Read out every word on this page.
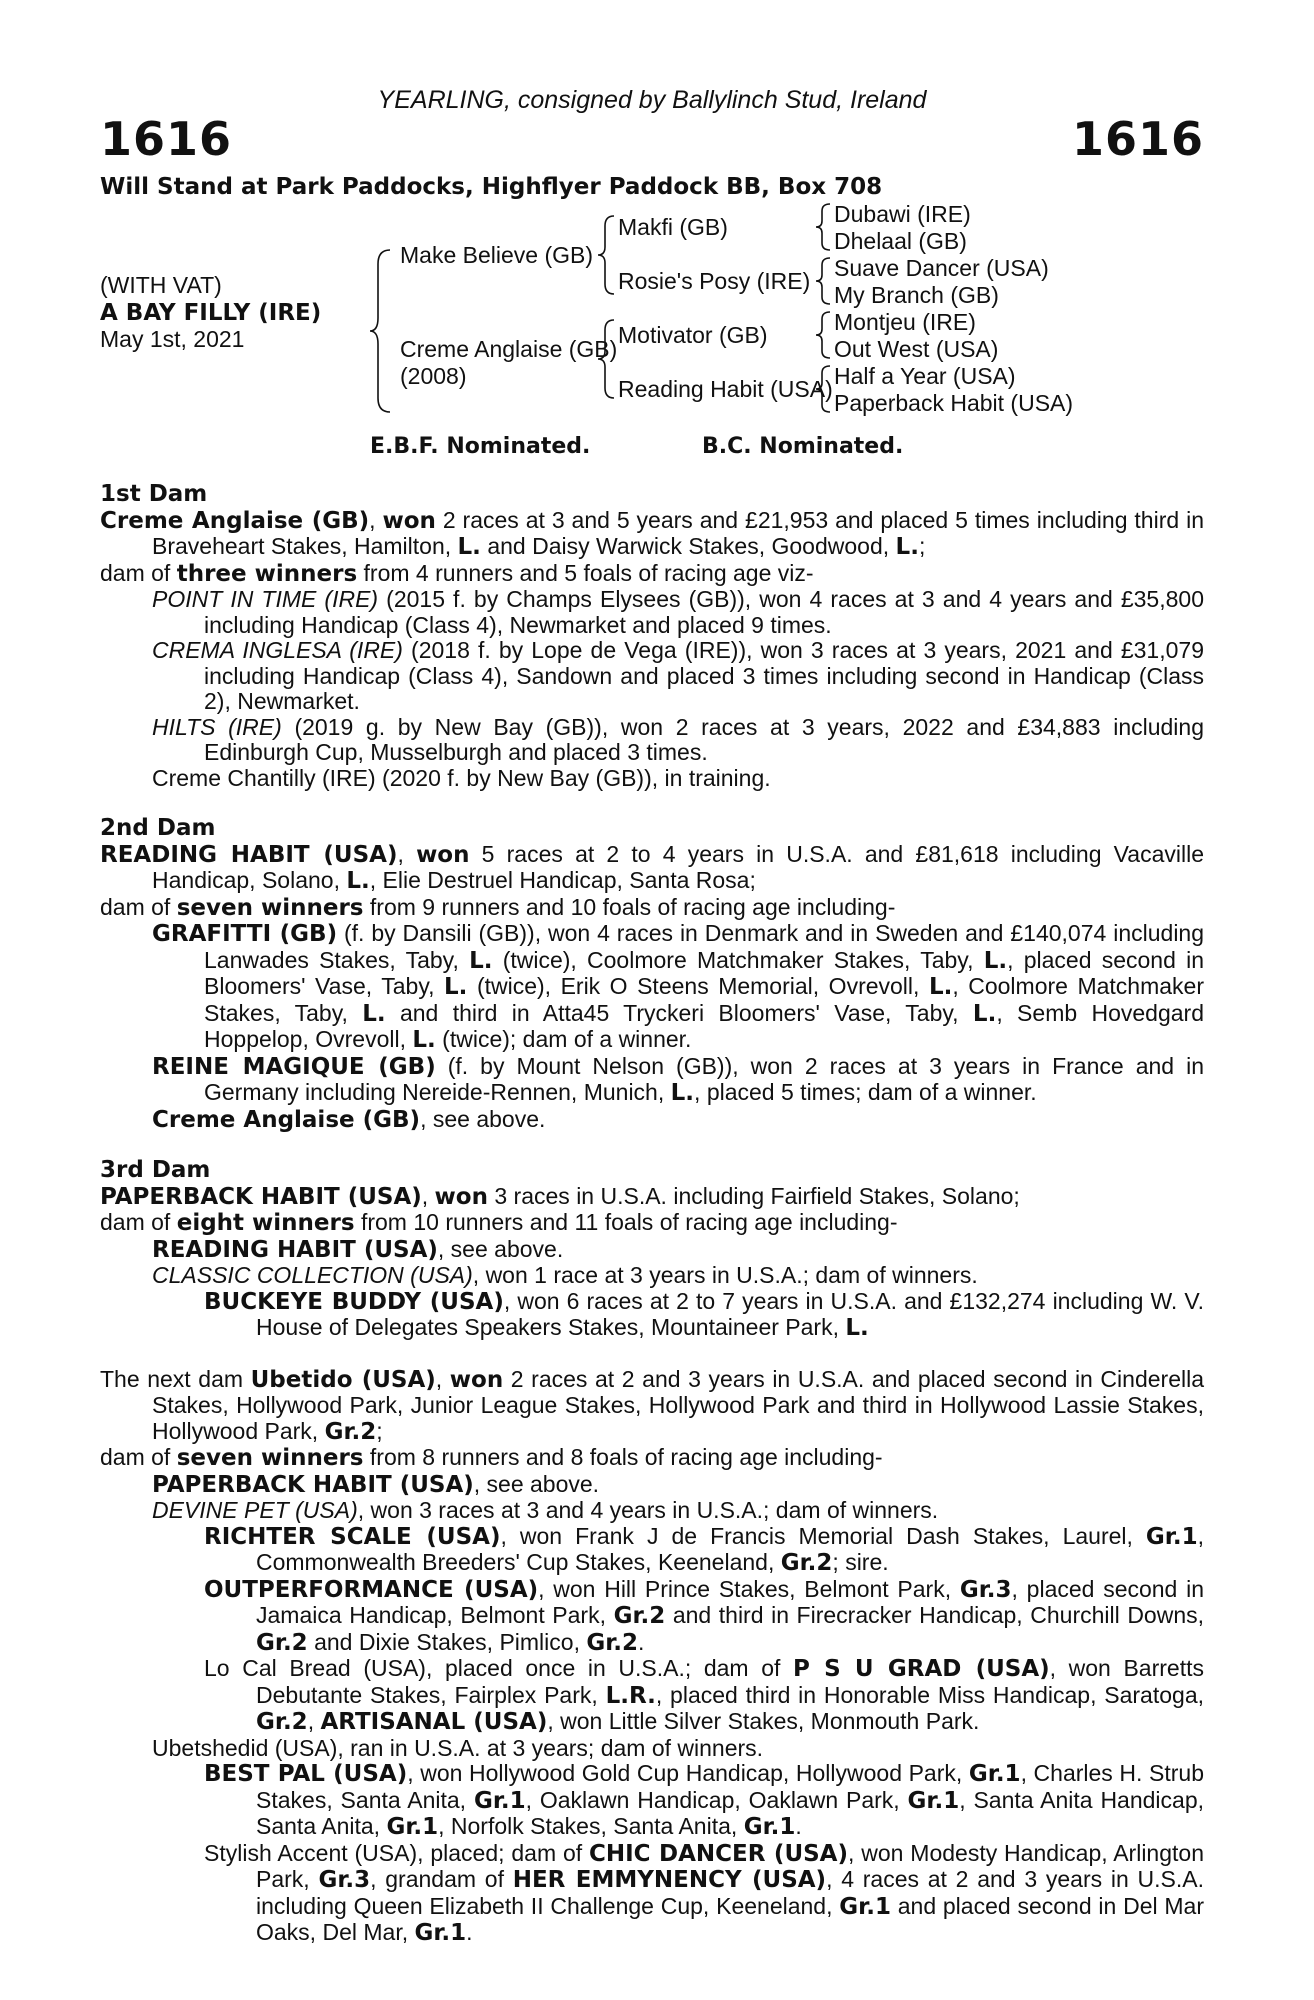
YEARLING, consigned by Ballylinch Stud, Ireland
1616	1616
Will Stand at Park Paddocks, Highflyer Paddock BB, Box 708
(WITH VAT)
A BAY FILLY (IRE)
May 1st, 2021
Make Believe (GB)
Creme Anglaise (GB)
(2008)
Makfi (GB)
Rosie's Posy (IRE)
Motivator (GB)
Reading Habit (USA)
Dubawi (IRE)
Dhelaal (GB)
Suave Dancer (USA)
My Branch (GB)
Montjeu (IRE)
Out West (USA)
Half a Year (USA)
Paperback Habit (USA)
E.B.F. Nominated.	B.C. Nominated.

1st Dam

Creme Anglaise (GB), won 2 races at 3 and 5 years and £21,953 and placed 5 times including third in Braveheart Stakes, Hamilton, L. and Daisy Warwick Stakes, Goodwood, L.;

dam of three winners from 4 runners and 5 foals of racing age viz-

POINT IN TIME (IRE) (2015 f. by Champs Elysees (GB)), won 4 races at 3 and 4 years and £35,800 including Handicap (Class 4), Newmarket and placed 9 times.

CREMA INGLESA (IRE) (2018 f. by Lope de Vega (IRE)), won 3 races at 3 years, 2021 and £31,079 including Handicap (Class 4), Sandown and placed 3 times including second in Handicap (Class 2), Newmarket.

HILTS (IRE) (2019 g. by New Bay (GB)), won 2 races at 3 years, 2022 and £34,883 including Edinburgh Cup, Musselburgh and placed 3 times.

Creme Chantilly (IRE) (2020 f. by New Bay (GB)), in training.

2nd Dam

READING HABIT (USA), won 5 races at 2 to 4 years in U.S.A. and £81,618 including Vacaville Handicap, Solano, L., Elie Destruel Handicap, Santa Rosa;

dam of seven winners from 9 runners and 10 foals of racing age including-

GRAFITTI (GB) (f. by Dansili (GB)), won 4 races in Denmark and in Sweden and £140,074 including Lanwades Stakes, Taby, L. (twice), Coolmore Matchmaker Stakes, Taby, L., placed second in Bloomers' Vase, Taby, L. (twice), Erik O Steens Memorial, Ovrevoll, L., Coolmore Matchmaker Stakes, Taby, L. and third in Atta45 Tryckeri Bloomers' Vase, Taby, L., Semb Hovedgard Hoppelop, Ovrevoll, L. (twice); dam of a winner.

REINE MAGIQUE (GB) (f. by Mount Nelson (GB)), won 2 races at 3 years in France and in Germany including Nereide-Rennen, Munich, L., placed 5 times; dam of a winner.

Creme Anglaise (GB), see above.

3rd Dam

PAPERBACK HABIT (USA), won 3 races in U.S.A. including Fairfield Stakes, Solano;

dam of eight winners from 10 runners and 11 foals of racing age including-

READING HABIT (USA), see above.

CLASSIC COLLECTION (USA), won 1 race at 3 years in U.S.A.; dam of winners.

BUCKEYE BUDDY (USA), won 6 races at 2 to 7 years in U.S.A. and £132,274 including W. V. House of Delegates Speakers Stakes, Mountaineer Park, L.

The next dam Ubetido (USA), won 2 races at 2 and 3 years in U.S.A. and placed second in Cinderella Stakes, Hollywood Park, Junior League Stakes, Hollywood Park and third in Hollywood Lassie Stakes, Hollywood Park, Gr.2;

dam of seven winners from 8 runners and 8 foals of racing age including-

PAPERBACK HABIT (USA), see above.

DEVINE PET (USA), won 3 races at 3 and 4 years in U.S.A.; dam of winners.

RICHTER SCALE (USA), won Frank J de Francis Memorial Dash Stakes, Laurel, Gr.1, Commonwealth Breeders' Cup Stakes, Keeneland, Gr.2; sire.

OUTPERFORMANCE (USA), won Hill Prince Stakes, Belmont Park, Gr.3, placed second in Jamaica Handicap, Belmont Park, Gr.2 and third in Firecracker Handicap, Churchill Downs, Gr.2 and Dixie Stakes, Pimlico, Gr.2.

Lo Cal Bread (USA), placed once in U.S.A.; dam of P S U GRAD (USA), won Barretts Debutante Stakes, Fairplex Park, L.R., placed third in Honorable Miss Handicap, Saratoga, Gr.2, ARTISANAL (USA), won Little Silver Stakes, Monmouth Park.

Ubetshedid (USA), ran in U.S.A. at 3 years; dam of winners.

BEST PAL (USA), won Hollywood Gold Cup Handicap, Hollywood Park, Gr.1, Charles H. Strub Stakes, Santa Anita, Gr.1, Oaklawn Handicap, Oaklawn Park, Gr.1, Santa Anita Handicap, Santa Anita, Gr.1, Norfolk Stakes, Santa Anita, Gr.1.

Stylish Accent (USA), placed; dam of CHIC DANCER (USA), won Modesty Handicap, Arlington Park, Gr.3, grandam of HER EMMYNENCY (USA), 4 races at 2 and 3 years in U.S.A. including Queen Elizabeth II Challenge Cup, Keeneland, Gr.1 and placed second in Del Mar Oaks, Del Mar, Gr.1.
